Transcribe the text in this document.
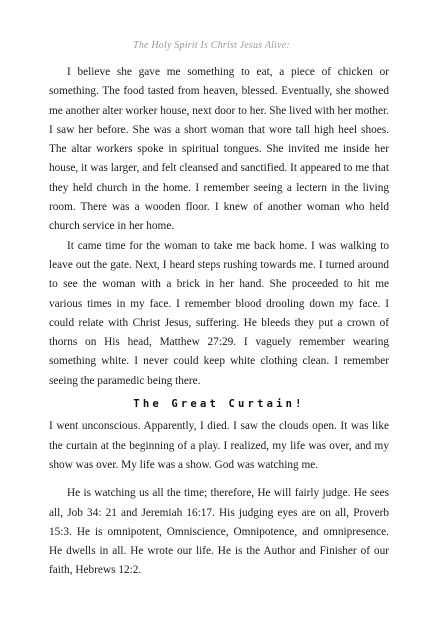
The Holy Spirit Is Christ Jesus Alive:

I believe she gave me something to eat, a piece of chicken or something. The food tasted from heaven, blessed. Eventually, she showed me another alter worker house, next door to her. She lived with her mother. I saw her before. She was a short woman that wore tall high heel shoes. The altar workers spoke in spiritual tongues. She invited me inside her house, it was larger, and felt cleansed and sanctified. It appeared to me that they held church in the home. I remember seeing a lectern in the living room. There was a wooden floor. I knew of another woman who held church service in her home.

It came time for the woman to take me back home. I was walking to leave out the gate. Next, I heard steps rushing towards me. I turned around to see the woman with a brick in her hand. She proceeded to hit me various times in my face. I remember blood drooling down my face. I could relate with Christ Jesus, suffering. He bleeds they put a crown of thorns on His head, Matthew 27:29. I vaguely remember wearing something white. I never could keep white clothing clean. I remember seeing the paramedic being there.

The Great Curtain!

I went unconscious. Apparently, I died. I saw the clouds open. It was like the curtain at the beginning of a play. I realized, my life was over, and my show was over. My life was a show. God was watching me.

He is watching us all the time; therefore, He will fairly judge. He sees all, Job 34: 21 and Jeremiah 16:17. His judging eyes are on all, Proverb 15:3. He is omnipotent, Omniscience, Omnipotence, and omnipresence. He dwells in all. He wrote our life. He is the Author and Finisher of our faith, Hebrews 12:2.
